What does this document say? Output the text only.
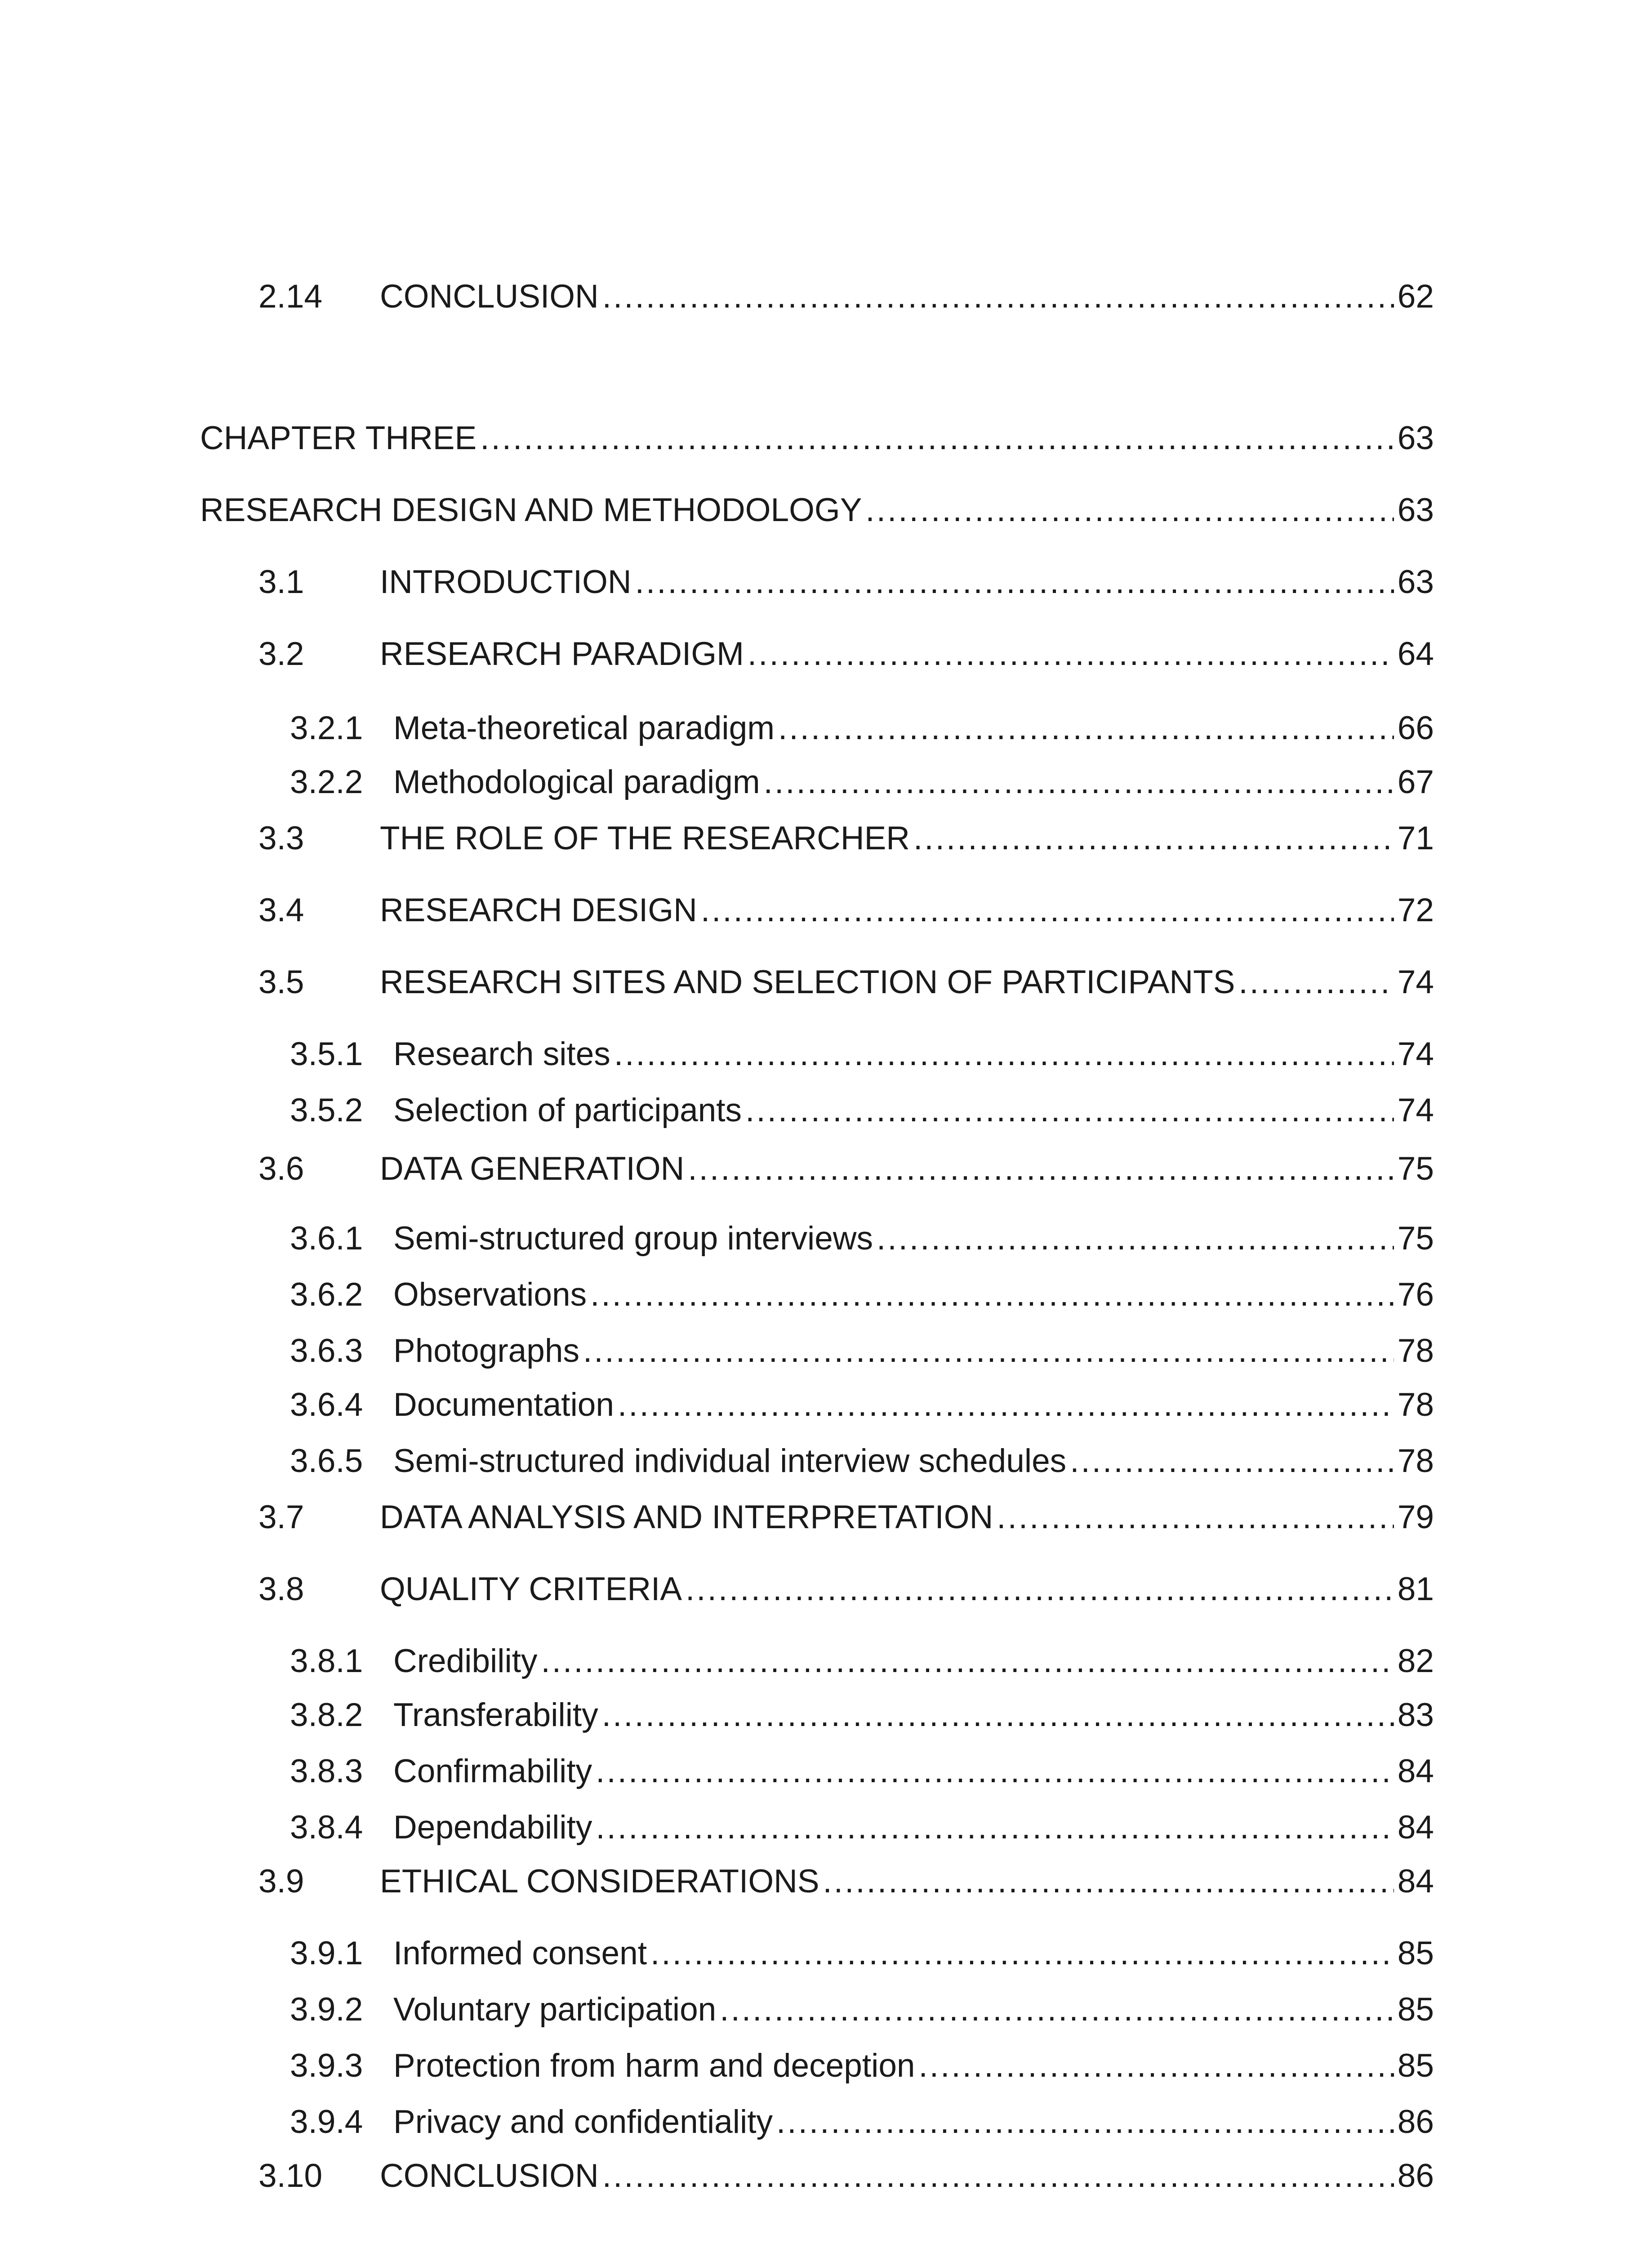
2.14	CONCLUSION .....	62
CHAPTER THREE .....	63
RESEARCH DESIGN AND METHODOLOGY .....	63
3.1	INTRODUCTION .....	63
3.2	RESEARCH PARADIGM .....	64
3.2.1 Meta-theoretical paradigm .....	66
3.2.2 Methodological paradigm .....	67
3.3	THE ROLE OF THE RESEARCHER .....	71
3.4	RESEARCH DESIGN .....	72
3.5	RESEARCH SITES AND SELECTION OF PARTICIPANTS .....	74
3.5.1 Research sites .....	74
3.5.2 Selection of participants .....	74
3.6	DATA GENERATION .....	75
3.6.1 Semi-structured group interviews .....	75
3.6.2 Observations .....	76
3.6.3 Photographs .....	78
3.6.4 Documentation .....	78
3.6.5 Semi-structured individual interview schedules .....	78
3.7	DATA ANALYSIS AND INTERPRETATION .....	79
3.8	QUALITY CRITERIA .....	81
3.8.1 Credibility .....	82
3.8.2 Transferability .....	83
3.8.3 Confirmability .....	84
3.8.4 Dependability .....	84
3.9	ETHICAL CONSIDERATIONS .....	84
3.9.1 Informed consent .....	85
3.9.2 Voluntary participation .....	85
3.9.3 Protection from harm and deception .....	85
3.9.4 Privacy and confidentiality .....	86
3.10	CONCLUSION .....	86
